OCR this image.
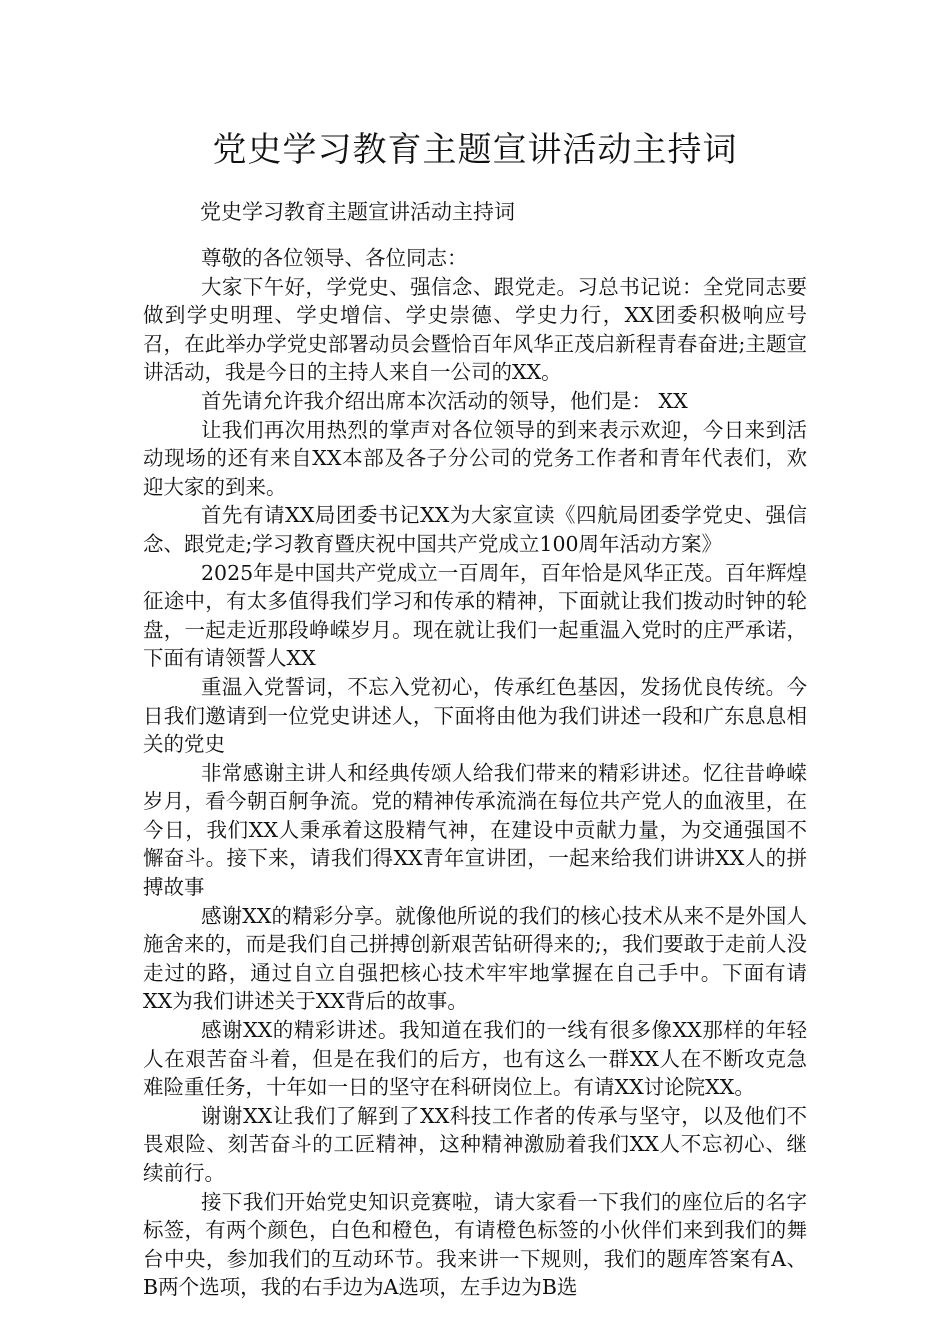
党史学习教育主题宣讲活动主持词

党史学习教育主题宣讲活动主持词

尊敬的各位领导、各位同志：

大家下午好，学党史、强信念、跟党走。习总书记说：全党同志要做到学史明理、学史增信、学史崇德、学史力行，XX团委积极响应号召，在此举办学党史部署动员会暨恰百年风华正茂启新程青春奋进;主题宣讲活动，我是今日的主持人来自一公司的XX。

首先请允许我介绍出席本次活动的领导，他们是： XX

让我们再次用热烈的掌声对各位领导的到来表示欢迎，今日来到活动现场的还有来自XX本部及各子分公司的党务工作者和青年代表们，欢迎大家的到来。

首先有请XX局团委书记XX为大家宣读《四航局团委学党史、强信念、跟党走;学习教育暨庆祝中国共产党成立100周年活动方案》

2025年是中国共产党成立一百周年，百年恰是风华正茂。百年辉煌征途中，有太多值得我们学习和传承的精神，下面就让我们拨动时钟的轮盘，一起走近那段峥嵘岁月。现在就让我们一起重温入党时的庄严承诺，下面有请领誓人XX

重温入党誓词，不忘入党初心，传承红色基因，发扬优良传统。今日我们邀请到一位党史讲述人，下面将由他为我们讲述一段和广东息息相关的党史

非常感谢主讲人和经典传颂人给我们带来的精彩讲述。忆往昔峥嵘岁月，看今朝百舸争流。党的精神传承流淌在每位共产党人的血液里，在今日，我们XX人秉承着这股精气神，在建设中贡献力量，为交通强国不懈奋斗。接下来，请我们得XX青年宣讲团，一起来给我们讲讲XX人的拼搏故事

感谢XX的精彩分享。就像他所说的我们的核心技术从来不是外国人施舍来的，而是我们自己拼搏创新艰苦钻研得来的;，我们要敢于走前人没走过的路，通过自立自强把核心技术牢牢地掌握在自己手中。下面有请XX为我们讲述关于XX背后的故事。

感谢XX的精彩讲述。我知道在我们的一线有很多像XX那样的年轻人在艰苦奋斗着，但是在我们的后方，也有这么一群XX人在不断攻克急难险重任务，十年如一日的坚守在科研岗位上。有请XX讨论院XX。

谢谢XX让我们了解到了XX科技工作者的传承与坚守，以及他们不畏艰险、刻苦奋斗的工匠精神，这种精神激励着我们XX人不忘初心、继续前行。

接下我们开始党史知识竞赛啦，请大家看一下我们的座位后的名字标签，有两个颜色，白色和橙色，有请橙色标签的小伙伴们来到我们的舞台中央，参加我们的互动环节。我来讲一下规则，我们的题库答案有A、B两个选项，我的右手边为A选项，左手边为B选
